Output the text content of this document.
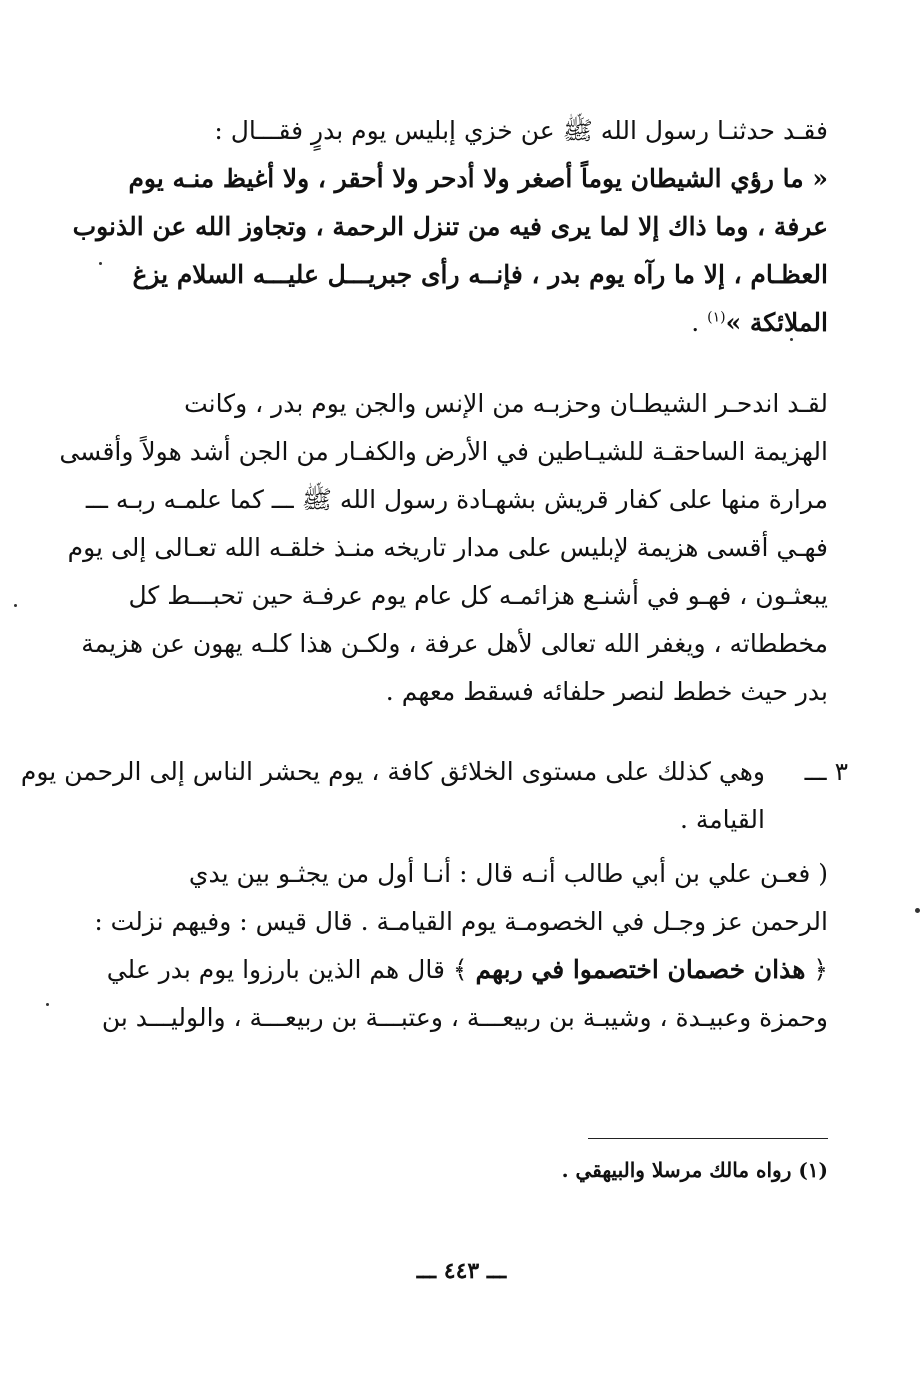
فقـد حدثنـا رسول الله ﷺ عن خزي إبليس يوم بدرٍ فقـــال :
« ما رؤي الشيطان يوماً أصغر ولا أدحر ولا أحقر ، ولا أغيظ منـه يوم
عرفة ، وما ذاك إلا لما يرى فيه من تنزل الرحمة ، وتجاوز الله عن الذنوب
العظـام ، إلا ما رآه يوم بدر ، فإنــه رأى جبريـــل عليـــه السلام يزغ
الملائكة »$^{(١)}$ .
لقـد اندحـر الشيطـان وحزبـه من الإنس والجن يوم بدر ، وكانت
الهزيمة الساحقـة للشيـاطين في الأرض والكفـار من الجن أشد هولاً وأقسى
مرارة منها على كفار قريش بشهـادة رسول الله ﷺ ـــ كما علمـه ربـه ـــ
فهـي أقسى هزيمة لإبليس على مدار تاريخه منـذ خلقـه الله تعـالى إلى يوم
يبعثـون ، فهـو في أشنـع هزائمـه كل عام يوم عرفـة حين تحبـــط كل
مخططاته ، ويغفر الله تعالى لأهل عرفة ، ولكـن هذا كلـه يهون عن هزيمة
بدر حيث خطط لنصر حلفائه فسقط معهم .
٣ ـــ
وهي كذلك على مستوى الخلائق كافة ، يوم يحشر الناس إلى الرحمن يوم
القيامة .
( فعـن علي بن أبي طالب أنـه قال : أنـا أول من يجثـو بين يدي
الرحمن عز وجـل في الخصومـة يوم القيامـة . قال قيس : وفيهم نزلت :
﴿ هذان خصمان اختصموا في ربهم ﴾ قال هم الذين بارزوا يوم بدر علي
وحمزة وعبيـدة ، وشيبـة بن ربيعـــة ، وعتبـــة بن ربيعـــة ، والوليـــد بن
(١) رواه مالك مرسلا والبيهقي .
ـــ ٤٤٣ ـــ
